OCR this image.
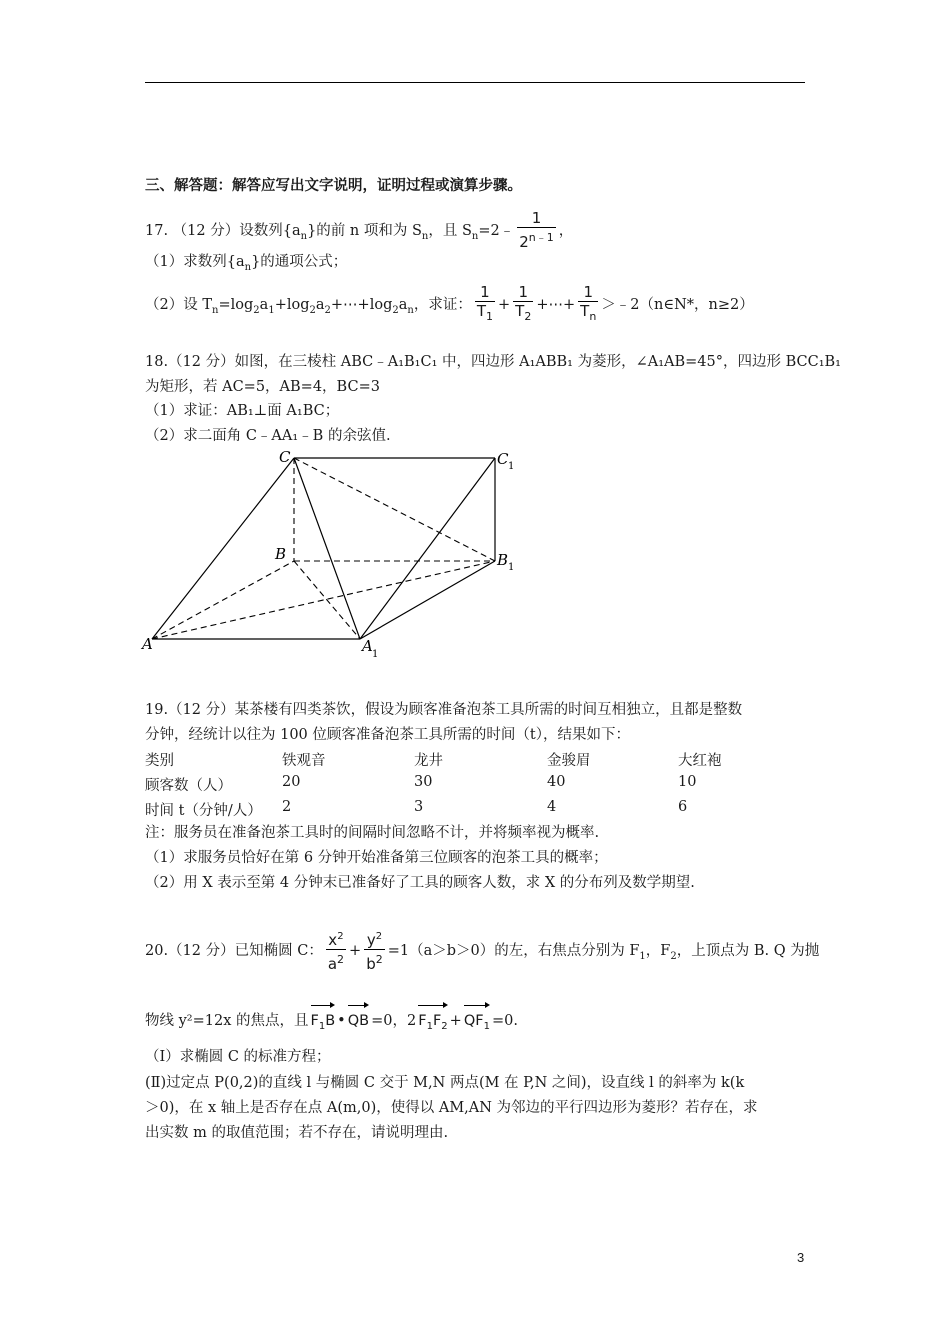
三、解答题：解答应写出文字说明，证明过程或演算步骤。
17. （12 分）设数列$\{a_n\}$的前 n 项和为 $S_n$，且 $S_n=2﹣ \frac{1}{2^{n﹣1}}$ ，
（1）求数列$\{a_n\}$的通项公式；
（2）设 $T_n=\log_2a_1+\log_2a_2+\cdots+\log_2a_n$，求证： $\frac{1}{T_1} + \frac{1}{T_2}$ +⋯+ $\frac{1}{T_n}$ ＞﹣2（n∈N*，n≥2）
18.（12 分）如图，在三棱柱 ABC﹣A₁B₁C₁ 中，四边形 A₁ABB₁ 为菱形，∠A₁AB=45°，四边形 BCC₁B₁
为矩形，若 AC=5，AB=4，BC=3
（1）求证：AB₁⊥面 A₁BC；
（2）求二面角 C﹣AA₁﹣B 的余弦值.
C	C 1
B	B 1
A	A 1
19.（12 分）某茶楼有四类茶饮，假设为顾客准备泡茶工具所需的时间互相独立，且都是整数
分钟，经统计以往为 100 位顾客准备泡茶工具所需的时间（t），结果如下：
类别	铁观音	龙井	金骏眉	大红袍
顾客数（人）	20	30	40	10
时间 t（分钟/人） 2	3	4	6
注：服务员在准备泡茶工具时的间隔时间忽略不计，并将频率视为概率.
（1）求服务员恰好在第 6 分钟开始准备第三位顾客的泡茶工具的概率；
（2）用 X 表示至第 4 分钟末已准备好了工具的顾客人数，求 X 的分布列及数学期望.
20.（12 分）已知椭圆 C： $\frac{x^2}{a^2} + \frac{y^2}{b^2} =1(a>b>0)$的左，右焦点分别为 $F_1$，$F_2$，上顶点为 B. Q 为抛
物线 y²=12x 的焦点，且 $F_1B$ • QB =0，2 $F_1F_2 + QF_1 =0$.
（Ⅰ）求椭圆 C 的标准方程；
(Ⅱ)过定点 P(0,2)的直线 l 与椭圆 C 交于 M,N 两点(M 在 P,N 之间)，设直线 l 的斜率为 k(k
＞0)，在 x 轴上是否存在点 A(m,0)，使得以 AM,AN 为邻边的平行四边形为菱形？若存在，求
出实数 m 的取值范围；若不存在，请说明理由.
3
